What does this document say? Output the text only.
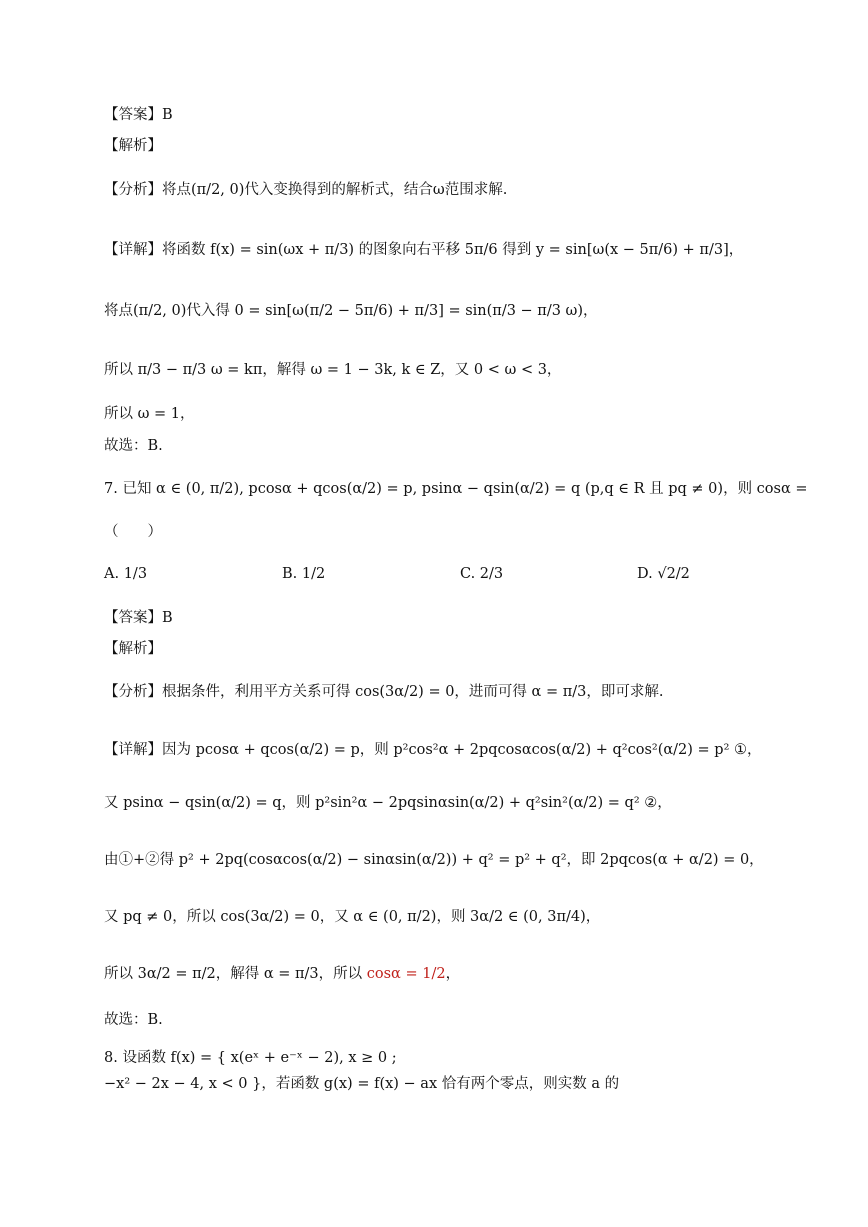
【答案】B
【解析】
【分析】将点(π/2, 0)代入变换得到的解析式，结合ω范围求解.
【详解】将函数 f(x) = sin(ωx + π/3) 的图象向右平移 5π/6 得到 y = sin[ω(x − 5π/6) + π/3]，
将点(π/2, 0)代入得 0 = sin[ω(π/2 − 5π/6) + π/3] = sin(π/3 − π/3 ω)，
所以 π/3 − π/3 ω = kπ，解得 ω = 1 − 3k, k ∈ Z，又 0 < ω < 3，
所以 ω = 1，
故选：B.
7. 已知 α ∈ (0, π/2), pcosα + qcos(α/2) = p, psinα − qsin(α/2) = q (p,q ∈ R 且 pq ≠ 0)，则 cosα =
（　　）
A. 1/3	B. 1/2	C. 2/3	D. √2/2
【答案】B
【解析】
【分析】根据条件，利用平方关系可得 cos(3α/2) = 0，进而可得 α = π/3，即可求解.
【详解】因为 pcosα + qcos(α/2) = p，则 p²cos²α + 2pqcosαcos(α/2) + q²cos²(α/2) = p² ①，
又 psinα − qsin(α/2) = q，则 p²sin²α − 2pqsinαsin(α/2) + q²sin²(α/2) = q² ②，
由①+②得 p² + 2pq(cosαcos(α/2) − sinαsin(α/2)) + q² = p² + q²，即 2pqcos(α + α/2) = 0，
又 pq ≠ 0，所以 cos(3α/2) = 0，又 α ∈ (0, π/2)，则 3α/2 ∈ (0, 3π/4)，
所以 3α/2 = π/2，解得 α = π/3，所以 cosα = 1/2，
故选：B.
8. 设函数 f(x) = { x(eˣ + e⁻ˣ − 2), x ≥ 0 ;
−x² − 2x − 4, x < 0 }，若函数 g(x) = f(x) − ax 恰有两个零点，则实数 a 的
